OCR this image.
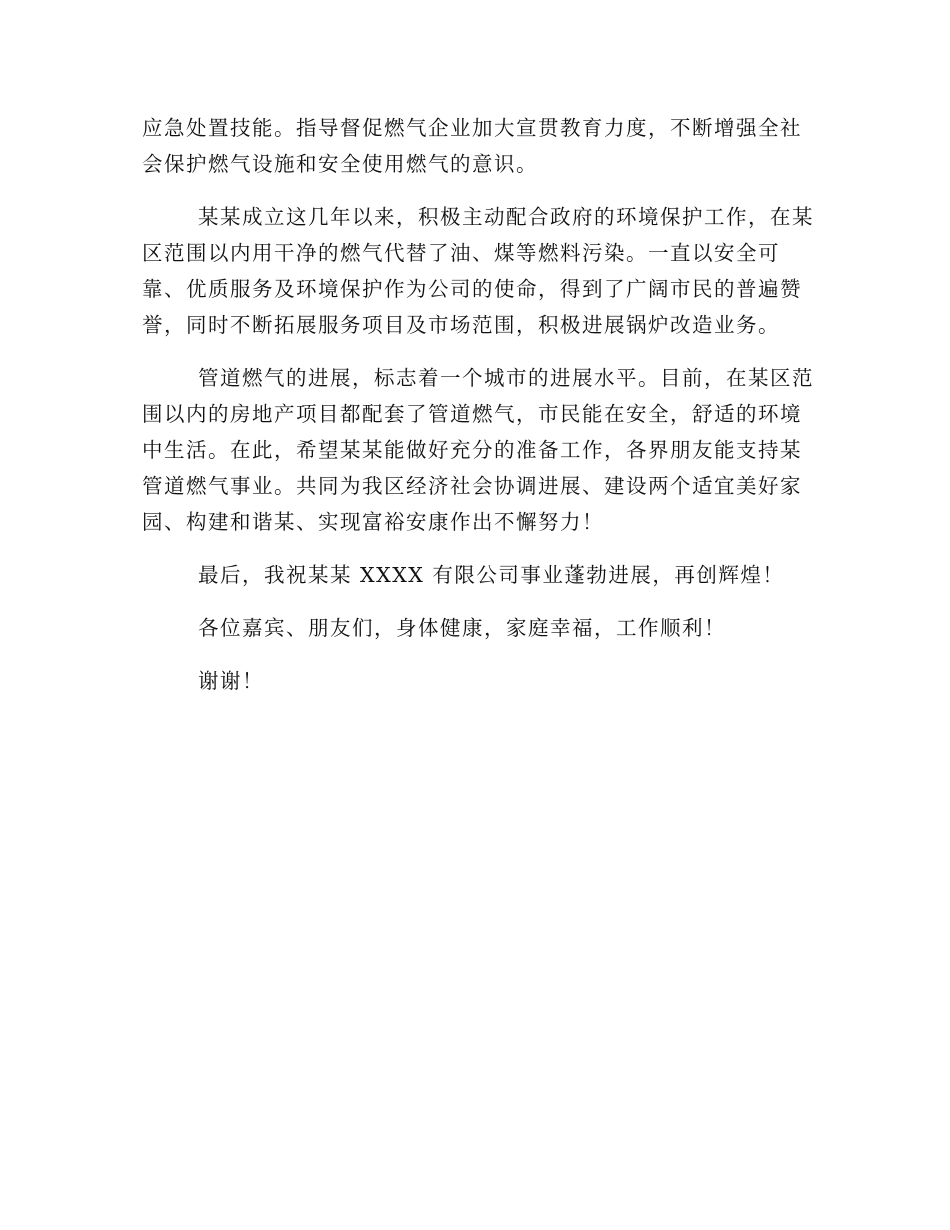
应急处置技能。指导督促燃气企业加大宣贯教育力度，不断增强全社
会保护燃气设施和安全使用燃气的意识。
某某成立这几年以来，积极主动配合政府的环境保护工作，在某
区范围以内用干净的燃气代替了油、煤等燃料污染。一直以安全可
靠、优质服务及环境保护作为公司的使命，得到了广阔市民的普遍赞
誉，同时不断拓展服务项目及市场范围，积极进展锅炉改造业务。
管道燃气的进展，标志着一个城市的进展水平。目前，在某区范
围以内的房地产项目都配套了管道燃气，市民能在安全，舒适的环境
中生活。在此，希望某某能做好充分的准备工作，各界朋友能支持某
管道燃气事业。共同为我区经济社会协调进展、建设两个适宜美好家
园、构建和谐某、实现富裕安康作出不懈努力！
最后，我祝某某 XXXX 有限公司事业蓬勃进展，再创辉煌！
各位嘉宾、朋友们，身体健康，家庭幸福，工作顺利！
谢谢！
